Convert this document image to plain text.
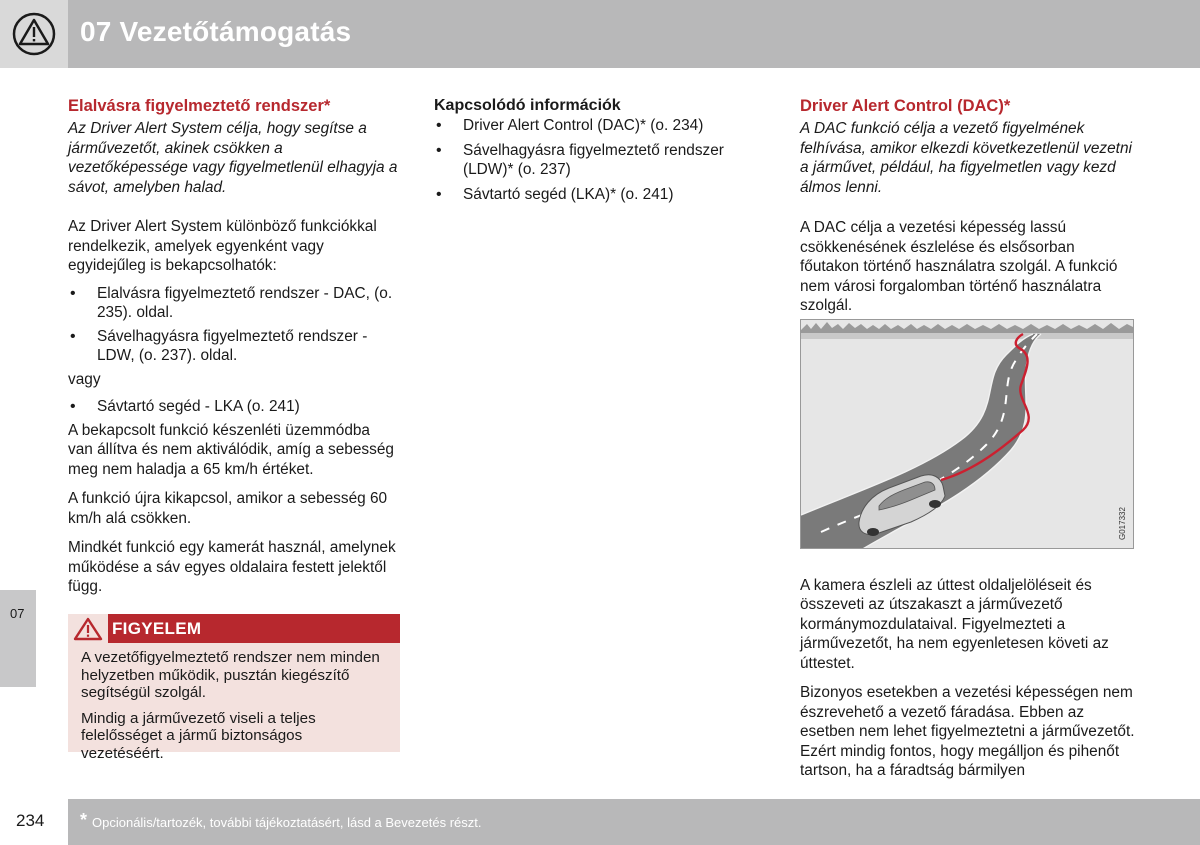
07 Vezetőtámogatás
07
Elalvásra figyelmeztető rendszer*
Az Driver Alert System célja, hogy segítse a járművezetőt, akinek csökken a vezetőképessége vagy figyelmetlenül elhagyja a sávot, amelyben halad.
Az Driver Alert System különböző funkciókkal rendelkezik, amelyek egyenként vagy egyidejűleg is bekapcsolhatók:
• Elalvásra figyelmeztető rendszer - DAC, (o. 235). oldal.
• Sávelhagyásra figyelmeztető rendszer - LDW, (o. 237). oldal.
vagy
• Sávtartó segéd - LKA (o. 241)
A bekapcsolt funkció készenléti üzemmódba van állítva és nem aktiválódik, amíg a sebesség meg nem haladja a 65 km/h értéket.
A funkció újra kikapcsol, amikor a sebesség 60 km/h alá csökken.
Mindkét funkció egy kamerát használ, amelynek működése a sáv egyes oldalaira festett jelektől függ.
FIGYELEM
A vezetőfigyelmeztető rendszer nem minden helyzetben működik, pusztán kiegészítő segítségül szolgál.
Mindig a járművezető viseli a teljes felelősséget a jármű biztonságos vezetéséért.
Kapcsolódó információk
• Driver Alert Control (DAC)* (o. 234)
• Sávelhagyásra figyelmeztető rendszer (LDW)* (o. 237)
• Sávtartó segéd (LKA)* (o. 241)
Driver Alert Control (DAC)*
A DAC funkció célja a vezető figyelmének felhívása, amikor elkezdi következetlenül vezetni a járművet, például, ha figyelmetlen vagy kezd álmos lenni.
A DAC célja a vezetési képesség lassú csökkenésének észlelése és elsősorban főutakon történő használatra szolgál. A funkció nem városi forgalomban történő használatra szolgál.
A kamera észleli az úttest oldaljelöléseit és összeveti az útszakaszt a járművezető kormánymozdulataival. Figyelmezteti a járművezetőt, ha nem egyenletesen követi az úttestet.
Bizonyos esetekben a vezetési képességen nem észrevehető a vezető fáradása. Ebben az esetben nem lehet figyelmeztetni a járművezetőt. Ezért mindig fontos, hogy megálljon és pihenőt tartson, ha a fáradtság bármilyen
G017332
234 * Opcionális/tartozék, további tájékoztatásért, lásd a Bevezetés részt.
